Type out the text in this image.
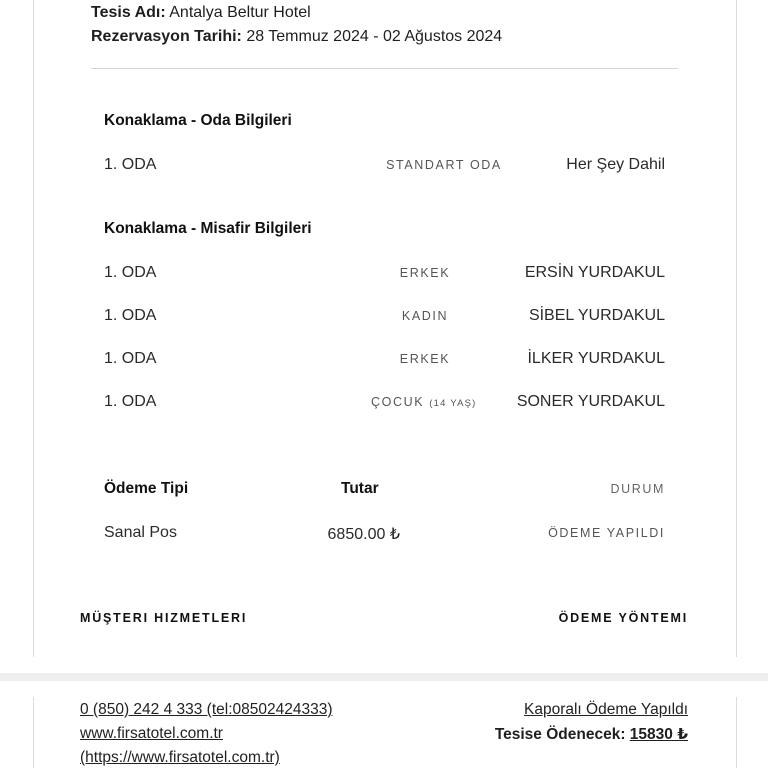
Tesis Adı: Antalya Beltur Hotel
Rezervasyon Tarihi: 28 Temmuz 2024 - 02 Ağustos 2024
Konaklama - Oda Bilgileri
1. ODA	STANDART ODA	Her Şey Dahil
Konaklama - Misafir Bilgileri
1. ODA	ERKEK	ERSİN YURDAKUL
1. ODA	KADIN	SİBEL YURDAKUL
1. ODA	ERKEK	İLKER YURDAKUL
1. ODA	ÇOCUK (14 YAŞ)	SONER YURDAKUL
Ödeme Tipi	Tutar	DURUM
Sanal Pos	6850.00 ₺	ÖDEME YAPILDI
MÜŞTERI HIZMETLERI	ÖDEME YÖNTEMI
0 (850) 242 4 333 (tel:08502424333)
www.firsatotel.com.tr
(https://www.firsatotel.com.tr)
Kaporalı Ödeme Yapıldı
Tesise Ödenecek: 15830 ₺
